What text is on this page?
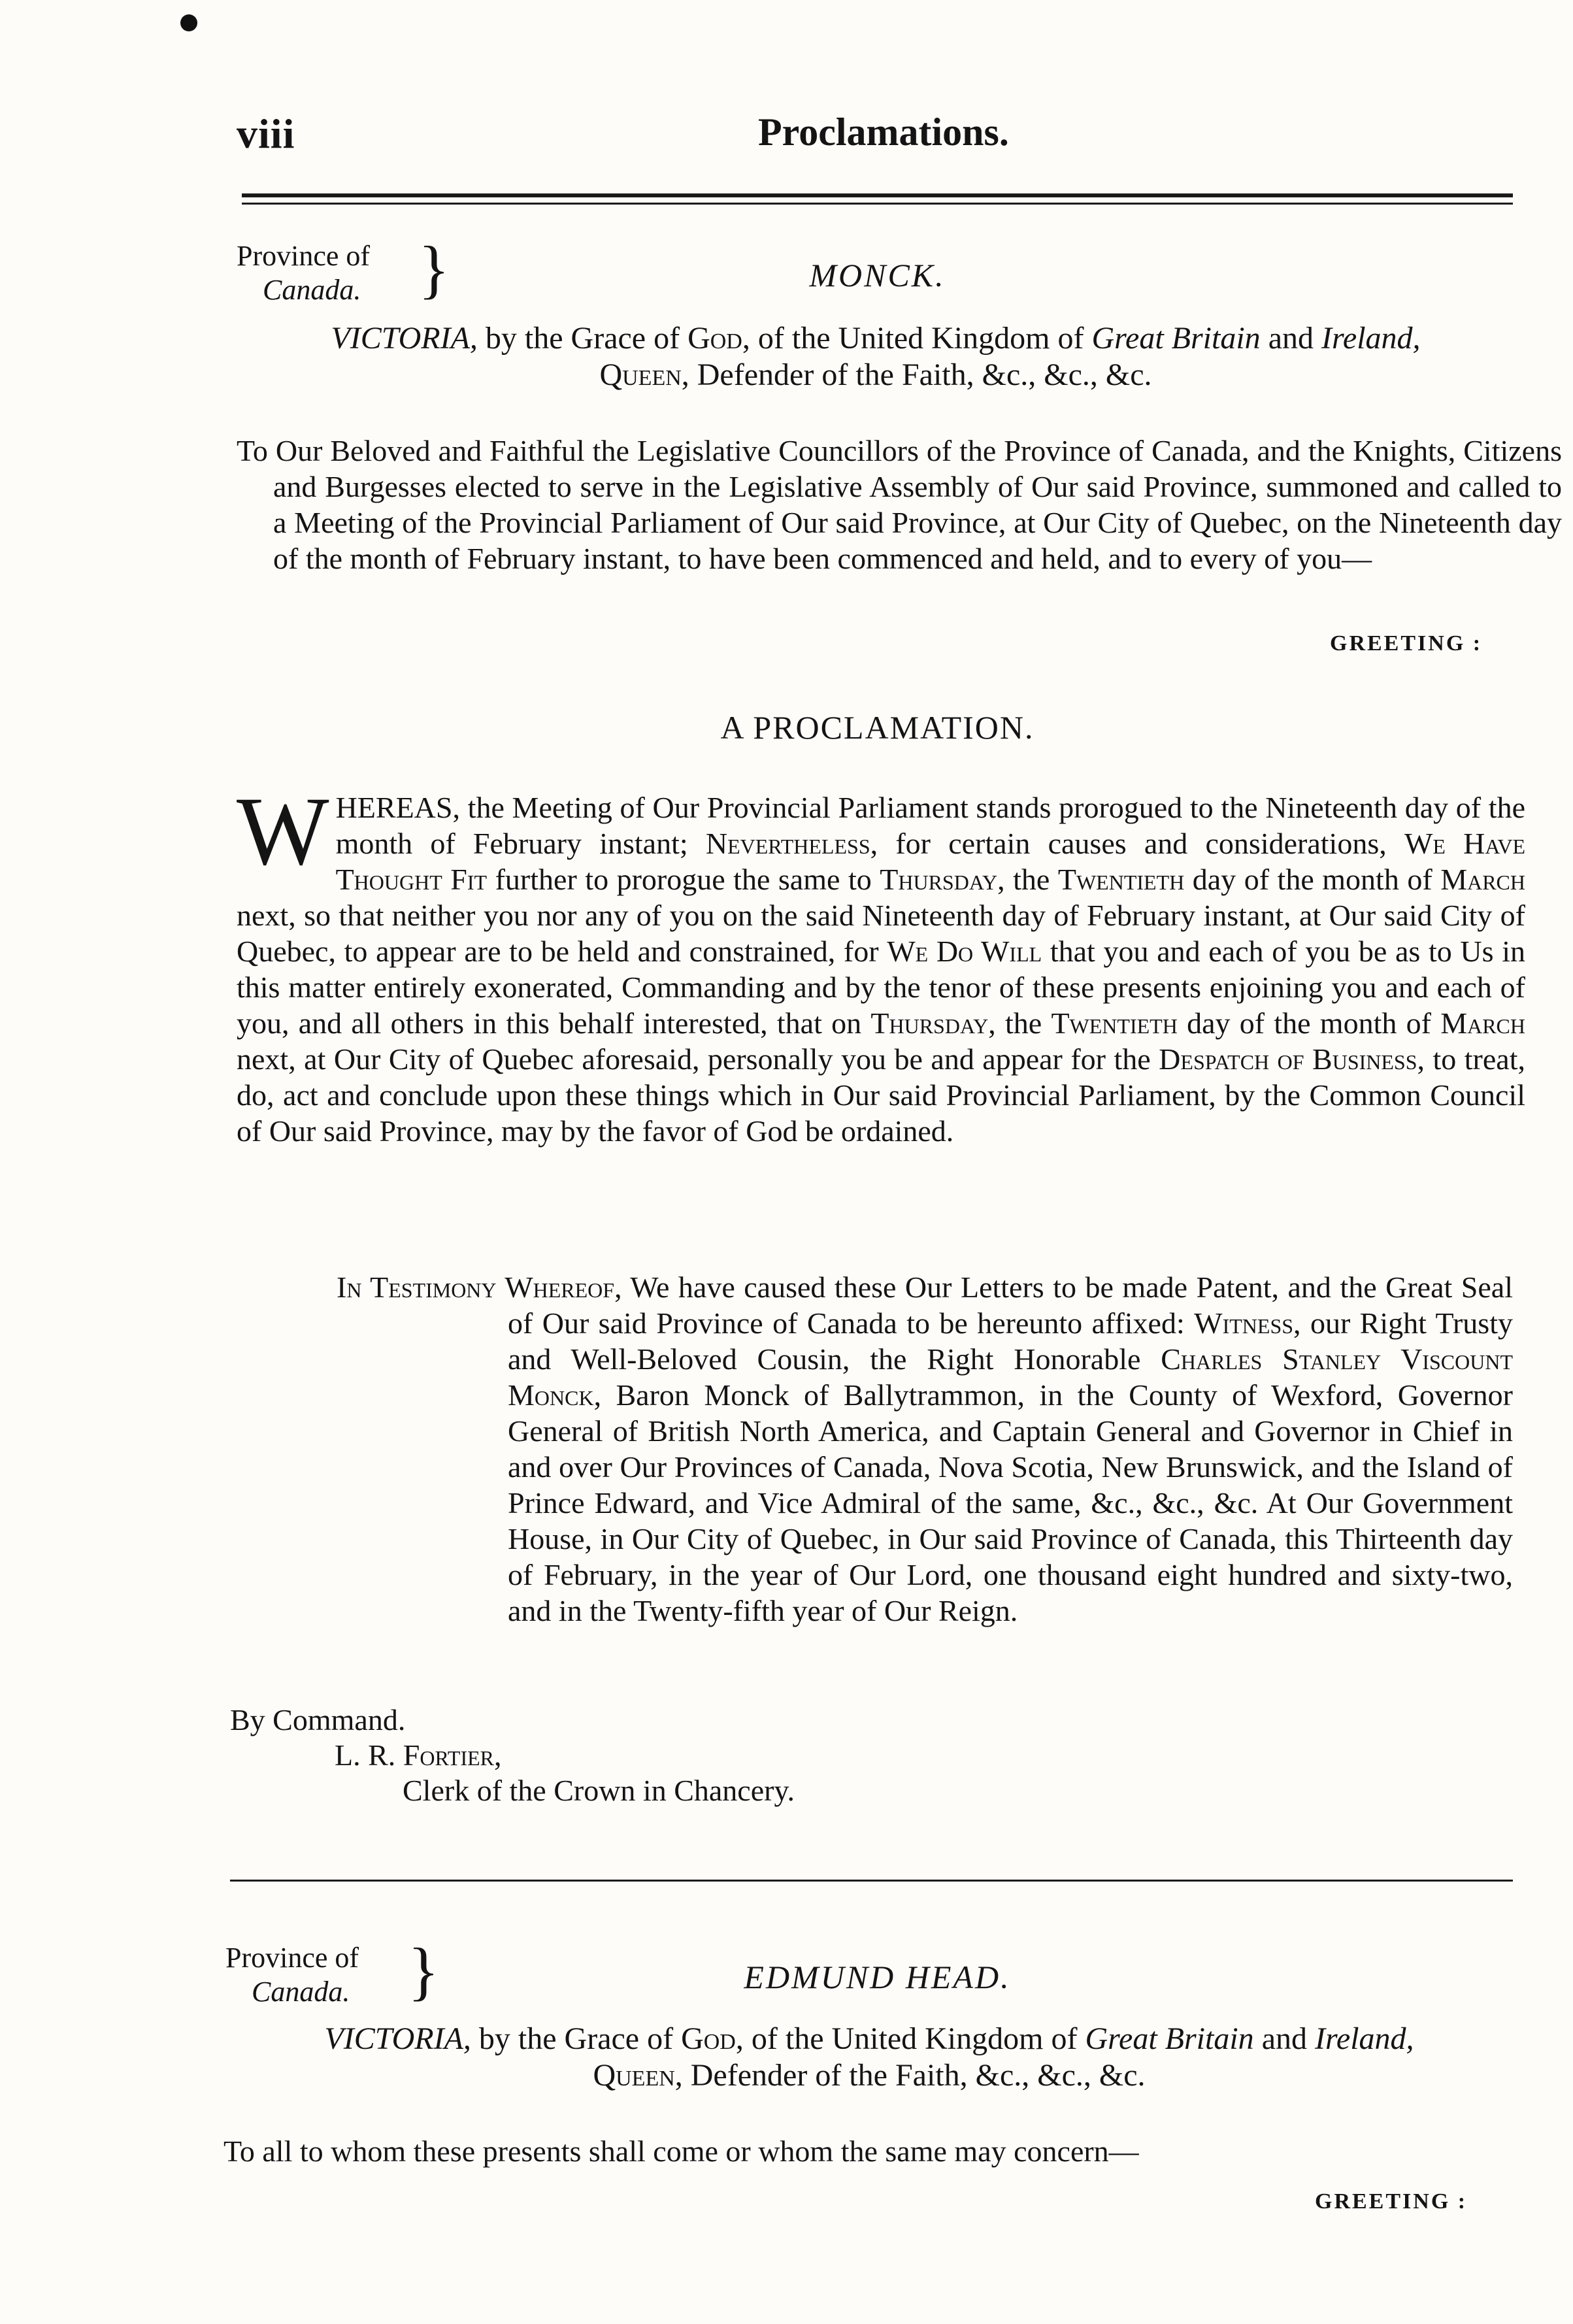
viii	Proclamations.
Province of
Canada. }	MONCK.
VICTORIA, by the Grace of God, of the United Kingdom of Great Britain and Ireland,
Queen, Defender of the Faith, &c., &c., &c.
To Our Beloved and Faithful the Legislative Councillors of the Province of Canada, and the Knights, Citizens and Burgesses elected to serve in the Legislative Assembly of Our said Province, summoned and called to a Meeting of the Provincial Parliament of Our said Province, at Our City of Quebec, on the Nineteenth day of the month of February instant, to have been commenced and held, and to every of you—
GREETING :
A PROCLAMATION.
WHEREAS, the Meeting of Our Provincial Parliament stands prorogued to the Nineteenth day of the month of February instant; Nevertheless, for certain causes and considerations, We Have Thought Fit further to prorogue the same to Thursday, the Twentieth day of the month of March next, so that neither you nor any of you on the said Nineteenth day of February instant, at Our said City of Quebec, to appear are to be held and constrained, for We Do Will that you and each of you be as to Us in this matter entirely exonerated, Commanding and by the tenor of these presents enjoining you and each of you, and all others in this behalf interested, that on Thursday, the Twentieth day of the month of March next, at Our City of Quebec aforesaid, personally you be and appear for the Despatch of Business, to treat, do, act and conclude upon these things which in Our said Provincial Parliament, by the Common Council of Our said Province, may by the favor of God be ordained.
In Testimony Whereof, We have caused these Our Letters to be made Patent, and the Great Seal of Our said Province of Canada to be hereunto affixed: Witness, our Right Trusty and Well-Beloved Cousin, the Right Honorable Charles Stanley Viscount Monck, Baron Monck of Ballytrammon, in the County of Wexford, Governor General of British North America, and Captain General and Governor in Chief in and over Our Provinces of Canada, Nova Scotia, New Brunswick, and the Island of Prince Edward, and Vice Admiral of the same, &c., &c., &c. At Our Government House, in Our City of Quebec, in Our said Province of Canada, this Thirteenth day of February, in the year of Our Lord, one thousand eight hundred and sixty-two, and in the Twenty-fifth year of Our Reign.
By Command.
L. R. Fortier,
Clerk of the Crown in Chancery.
Province of
Canada. }	EDMUND HEAD.
VICTORIA, by the Grace of God, of the United Kingdom of Great Britain and Ireland,
Queen, Defender of the Faith, &c., &c., &c.
To all to whom these presents shall come or whom the same may concern—
GREETING :
